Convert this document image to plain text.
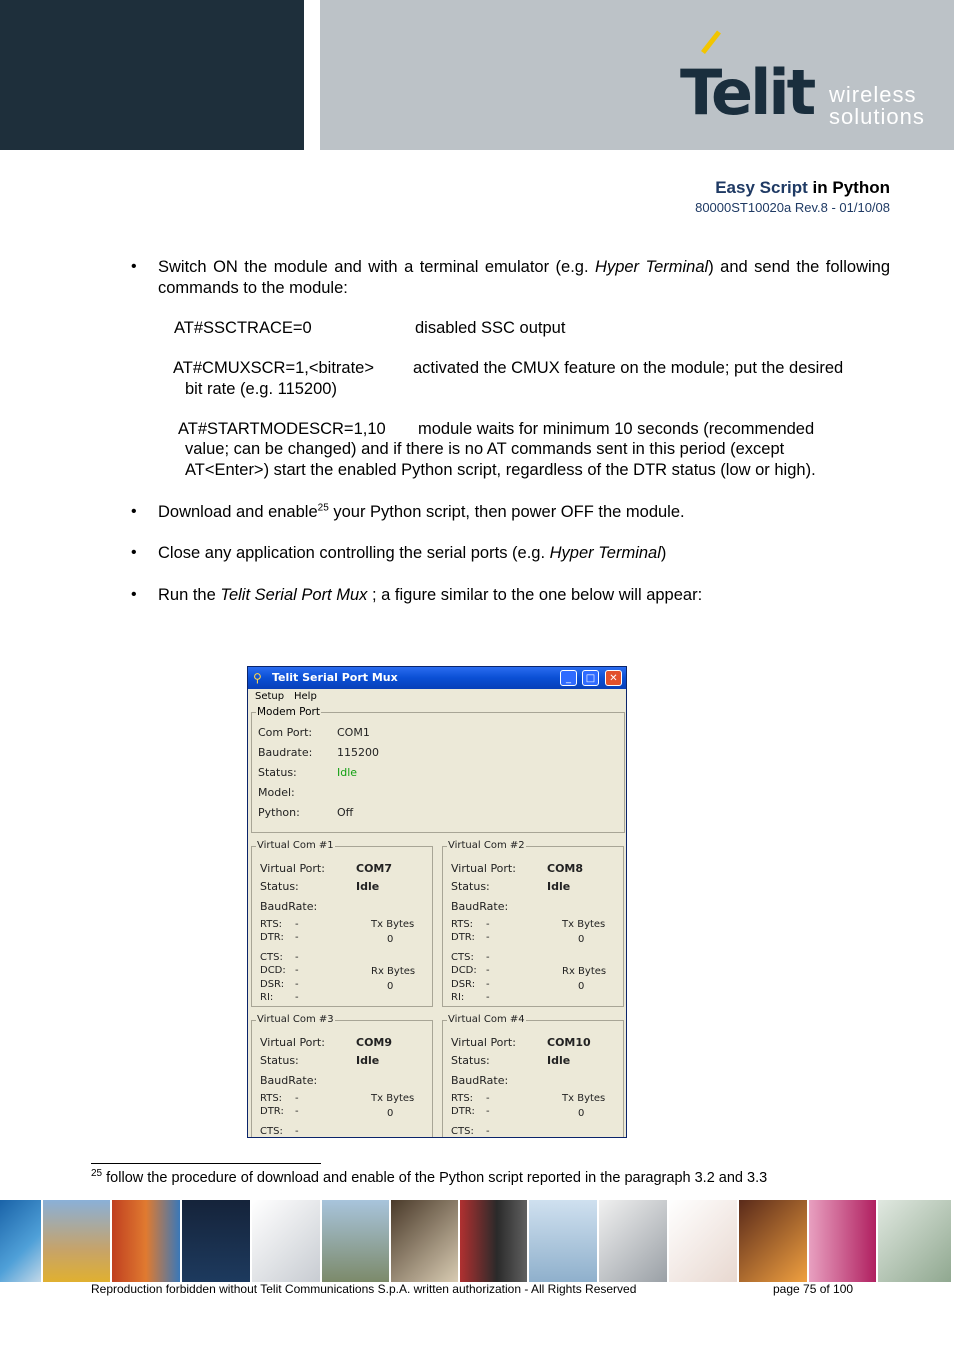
Telit wireless
solutions
Easy Script in Python
80000ST10020a Rev.8 - 01/10/08
• Switch ON the module and with a terminal emulator (e.g. Hyper Terminal) and send the following commands to the module:
AT#SSCTRACE=0	disabled SSC output
AT#CMUXSCR=1,<bitrate> activated the CMUX feature on the module; put the desired
bit rate (e.g. 115200)
AT#STARTMODESCR=1,10 module waits for minimum 10 seconds (recommended
value; can be changed) and if there is no AT commands sent in this period (except
AT<Enter>) start the enabled Python script, regardless of the DTR status (low or high).
• Download and enable$^{25}$ your Python script, then power OFF the module.
• Close any application controlling the serial ports (e.g. Hyper Terminal)
• Run the Telit Serial Port Mux ; a figure similar to the one below will appear:
⚲ Telit Serial Port Mux	_	□	✕
Setup Help
Modem Port
Com Port: COM1
Baudrate: 115200
Status:	Idle
Model:
Python:	Off
Virtual Com #1
Virtual Port:	COM7
Status:	Idle
BaudRate:
RTS: -
DTR: -
CTS: -
DCD: -
DSR: -
RI: -
Tx Bytes
0
Rx Bytes
0
Virtual Com #2
Virtual Port:	COM8
Status:	Idle
BaudRate:
RTS: -
DTR: -
CTS: -
DCD: -
DSR: -
RI: -
Tx Bytes
0
Rx Bytes
0
Virtual Com #3
Virtual Port:	COM9
Status:	Idle
BaudRate:
RTS: -
DTR: -
CTS: -
Tx Bytes
0
Virtual Com #4
Virtual Port:	COM10
Status:	Idle
BaudRate:
RTS: -
DTR: -
CTS: -
Tx Bytes
0
$^{25}$ follow the procedure of download and enable of the Python script reported in the paragraph 3.2 and 3.3
Reproduction forbidden without Telit Communications S.p.A. written authorization - All Rights Reserved	page 75 of 100
